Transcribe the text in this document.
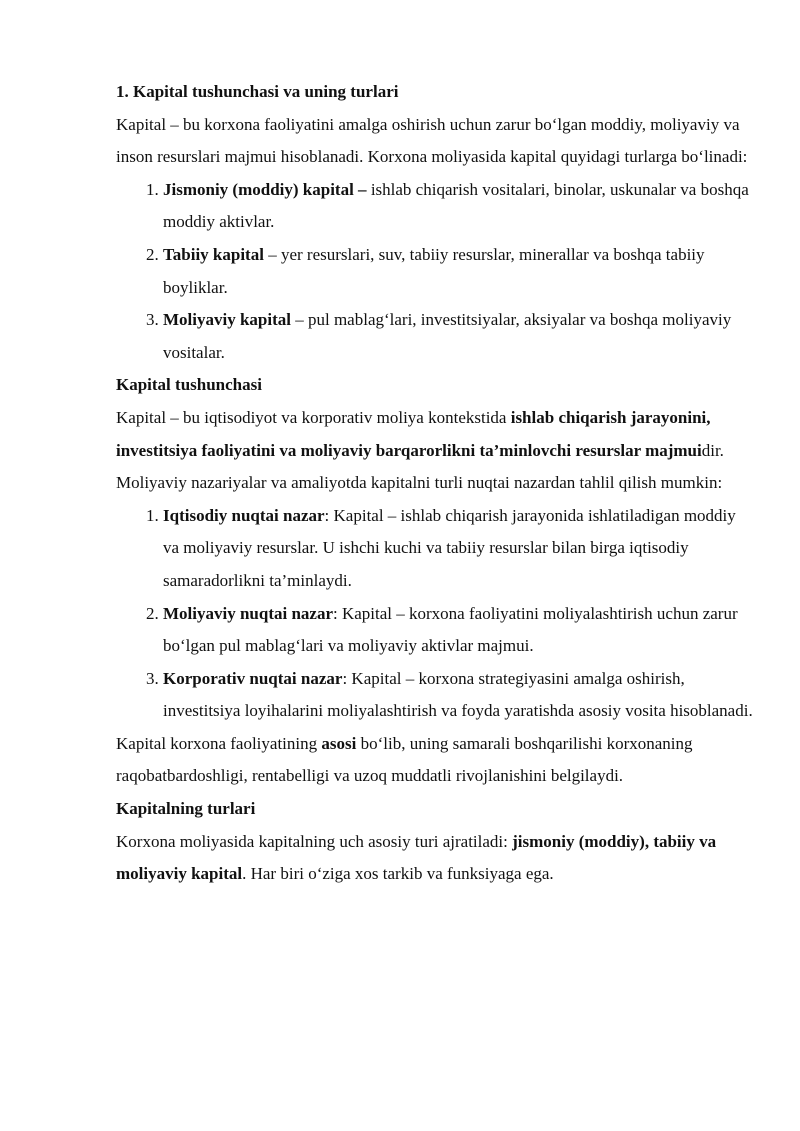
1. Kapital tushunchasi va uning turlari

Kapital – bu korxona faoliyatini amalga oshirish uchun zarur bo‘lgan moddiy, moliyaviy va inson resurslari majmui hisoblanadi. Korxona moliyasida kapital quyidagi turlarga bo‘linadi:

1. Jismoniy (moddiy) kapital – ishlab chiqarish vositalari, binolar, uskunalar va boshqa moddiy aktivlar.
2. Tabiiy kapital – yer resurslari, suv, tabiiy resurslar, minerallar va boshqa tabiiy boyliklar.
3. Moliyaviy kapital – pul mablag‘lari, investitsiyalar, aksiyalar va boshqa moliyaviy vositalar.

Kapital tushunchasi

Kapital – bu iqtisodiyot va korporativ moliya kontekstida ishlab chiqarish jarayonini, investitsiya faoliyatini va moliyaviy barqarorlikni ta’minlovchi resurslar majmuidir. Moliyaviy nazariyalar va amaliyotda kapitalni turli nuqtai nazardan tahlil qilish mumkin:

1. Iqtisodiy nuqtai nazar: Kapital – ishlab chiqarish jarayonida ishlatiladigan moddiy va moliyaviy resurslar. U ishchi kuchi va tabiiy resurslar bilan birga iqtisodiy samaradorlikni ta’minlaydi.
2. Moliyaviy nuqtai nazar: Kapital – korxona faoliyatini moliyalashtirish uchun zarur bo‘lgan pul mablag‘lari va moliyaviy aktivlar majmui.
3. Korporativ nuqtai nazar: Kapital – korxona strategiyasini amalga oshirish, investitsiya loyihalarini moliyalashtirish va foyda yaratishda asosiy vosita hisoblanadi.

Kapital korxona faoliyatining asosi bo‘lib, uning samarali boshqarilishi korxonaning raqobatbardoshligi, rentabelligi va uzoq muddatli rivojlanishini belgilaydi.

Kapitalning turlari

Korxona moliyasida kapitalning uch asosiy turi ajratiladi: jismoniy (moddiy), tabiiy va moliyaviy kapital. Har biri o‘ziga xos tarkib va funksiyaga ega.
